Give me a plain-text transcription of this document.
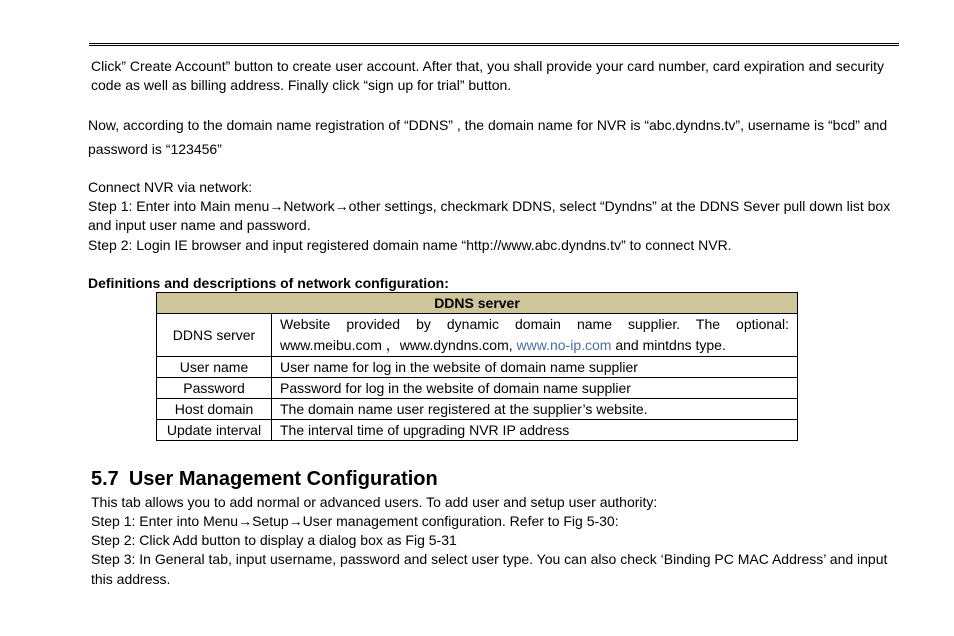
Click” Create Account” button to create user account. After that, you shall provide your card number, card expiration and security
code as well as billing address. Finally click “sign up for trial” button.
Now, according to the domain name registration of “DDNS” , the domain name for NVR is “abc.dyndns.tv”, username is “bcd” and
password is “123456”
Connect NVR via network:
Step 1: Enter into Main menu→Network→other settings, checkmark DDNS, select “Dyndns” at the DDNS Sever pull down list box
and input user name and password.
Step 2: Login IE browser and input registered domain name “http://www.abc.dyndns.tv” to connect NVR.
Definitions and descriptions of network configuration:
DDNS server	
DDNS server	Website provided by dynamic domain name supplier. The optional:
www.meibu.com ，www.dyndns.com, www.no-ip.com and mintdns type.

User name	User name for log in the website of domain name supplier
Password	Password for log in the website of domain name supplier
Host domain	The domain name user registered at the supplier’s website.
Update interval	The interval time of upgrading NVR IP address
5.7 User Management Configuration
This tab allows you to add normal or advanced users. To add user and setup user authority:
Step 1: Enter into Menu→Setup→User management configuration. Refer to Fig 5-30:
Step 2: Click Add button to display a dialog box as Fig 5-31
Step 3: In General tab, input username, password and select user type. You can also check ‘Binding PC MAC Address’ and input
this address.
